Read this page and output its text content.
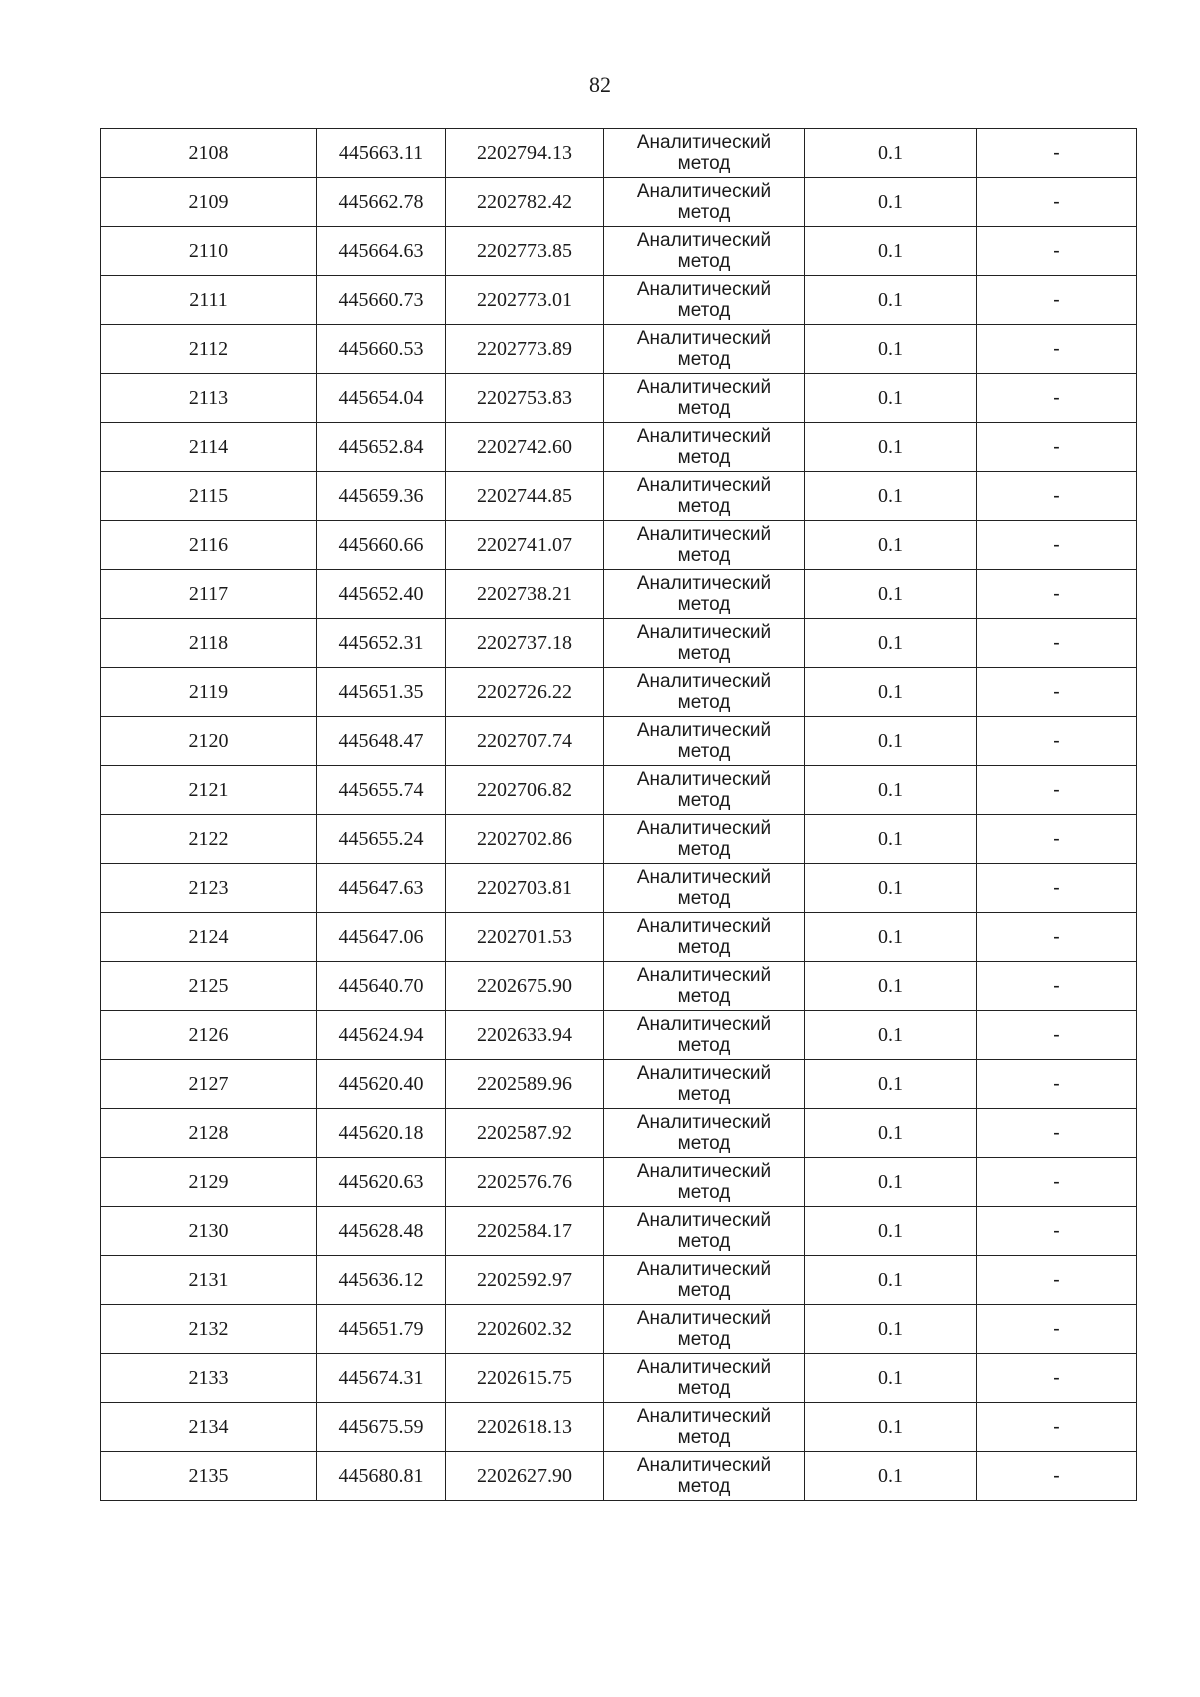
82
2108	445663.11	2202794.13	Аналитический
метод	0.1	-
2109	445662.78	2202782.42	Аналитический
метод	0.1	-
2110	445664.63	2202773.85	Аналитический
метод	0.1	-
2111	445660.73	2202773.01	Аналитический
метод	0.1	-
2112	445660.53	2202773.89	Аналитический
метод	0.1	-
2113	445654.04	2202753.83	Аналитический
метод	0.1	-
2114	445652.84	2202742.60	Аналитический
метод	0.1	-
2115	445659.36	2202744.85	Аналитический
метод	0.1	-
2116	445660.66	2202741.07	Аналитический
метод	0.1	-
2117	445652.40	2202738.21	Аналитический
метод	0.1	-
2118	445652.31	2202737.18	Аналитический
метод	0.1	-
2119	445651.35	2202726.22	Аналитический
метод	0.1	-
2120	445648.47	2202707.74	Аналитический
метод	0.1	-
2121	445655.74	2202706.82	Аналитический
метод	0.1	-
2122	445655.24	2202702.86	Аналитический
метод	0.1	-
2123	445647.63	2202703.81	Аналитический
метод	0.1	-
2124	445647.06	2202701.53	Аналитический
метод	0.1	-
2125	445640.70	2202675.90	Аналитический
метод	0.1	-
2126	445624.94	2202633.94	Аналитический
метод	0.1	-
2127	445620.40	2202589.96	Аналитический
метод	0.1	-
2128	445620.18	2202587.92	Аналитический
метод	0.1	-
2129	445620.63	2202576.76	Аналитический
метод	0.1	-
2130	445628.48	2202584.17	Аналитический
метод	0.1	-
2131	445636.12	2202592.97	Аналитический
метод	0.1	-
2132	445651.79	2202602.32	Аналитический
метод	0.1	-
2133	445674.31	2202615.75	Аналитический
метод	0.1	-
2134	445675.59	2202618.13	Аналитический
метод	0.1	-
2135	445680.81	2202627.90	Аналитический
метод	0.1	-
